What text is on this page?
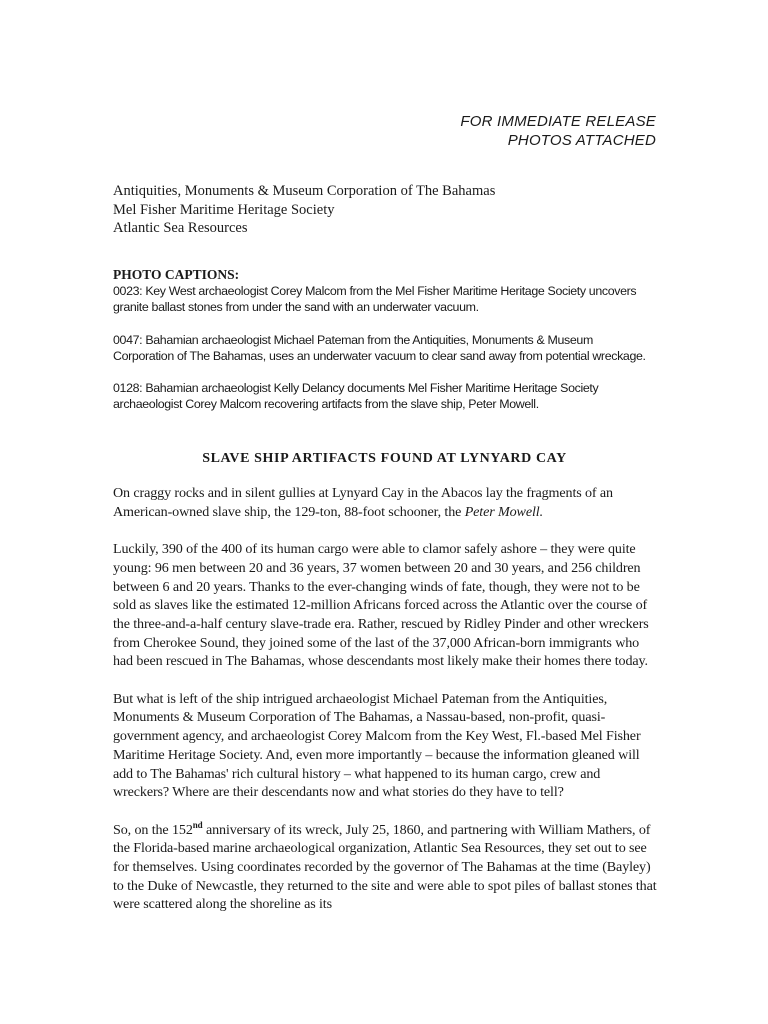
FOR IMMEDIATE RELEASE
PHOTOS ATTACHED
Antiquities, Monuments & Museum Corporation of The Bahamas
Mel Fisher Maritime Heritage Society
Atlantic Sea Resources
PHOTO CAPTIONS:

0023: Key West archaeologist Corey Malcom from the Mel Fisher Maritime Heritage Society uncovers granite ballast stones from under the sand with an underwater vacuum.

0047: Bahamian archaeologist Michael Pateman from the Antiquities, Monuments & Museum Corporation of The Bahamas, uses an underwater vacuum to clear sand away from potential wreckage.

0128: Bahamian archaeologist Kelly Delancy documents Mel Fisher Maritime Heritage Society archaeologist Corey Malcom recovering artifacts from the slave ship, Peter Mowell.

SLAVE SHIP ARTIFACTS FOUND AT LYNYARD CAY

On craggy rocks and in silent gullies at Lynyard Cay in the Abacos lay the fragments of an American-owned slave ship, the 129-ton, 88-foot schooner, the Peter Mowell.

Luckily, 390 of the 400 of its human cargo were able to clamor safely ashore – they were quite young: 96 men between 20 and 36 years, 37 women between 20 and 30 years, and 256 children between 6 and 20 years. Thanks to the ever-changing winds of fate, though, they were not to be sold as slaves like the estimated 12-million Africans forced across the Atlantic over the course of the three-and-a-half century slave-trade era. Rather, rescued by Ridley Pinder and other wreckers from Cherokee Sound, they joined some of the last of the 37,000 African-born immigrants who had been rescued in The Bahamas, whose descendants most likely make their homes there today.

But what is left of the ship intrigued archaeologist Michael Pateman from the Antiquities, Monuments & Museum Corporation of The Bahamas, a Nassau-based, non-profit, quasi-government agency, and archaeologist Corey Malcom from the Key West, Fl.-based Mel Fisher Maritime Heritage Society. And, even more importantly – because the information gleaned will add to The Bahamas' rich cultural history – what happened to its human cargo, crew and wreckers? Where are their descendants now and what stories do they have to tell?

So, on the 152nd anniversary of its wreck, July 25, 1860, and partnering with William Mathers, of the Florida-based marine archaeological organization, Atlantic Sea Resources, they set out to see for themselves. Using coordinates recorded by the governor of The Bahamas at the time (Bayley) to the Duke of Newcastle, they returned to the site and were able to spot piles of ballast stones that were scattered along the shoreline as its
